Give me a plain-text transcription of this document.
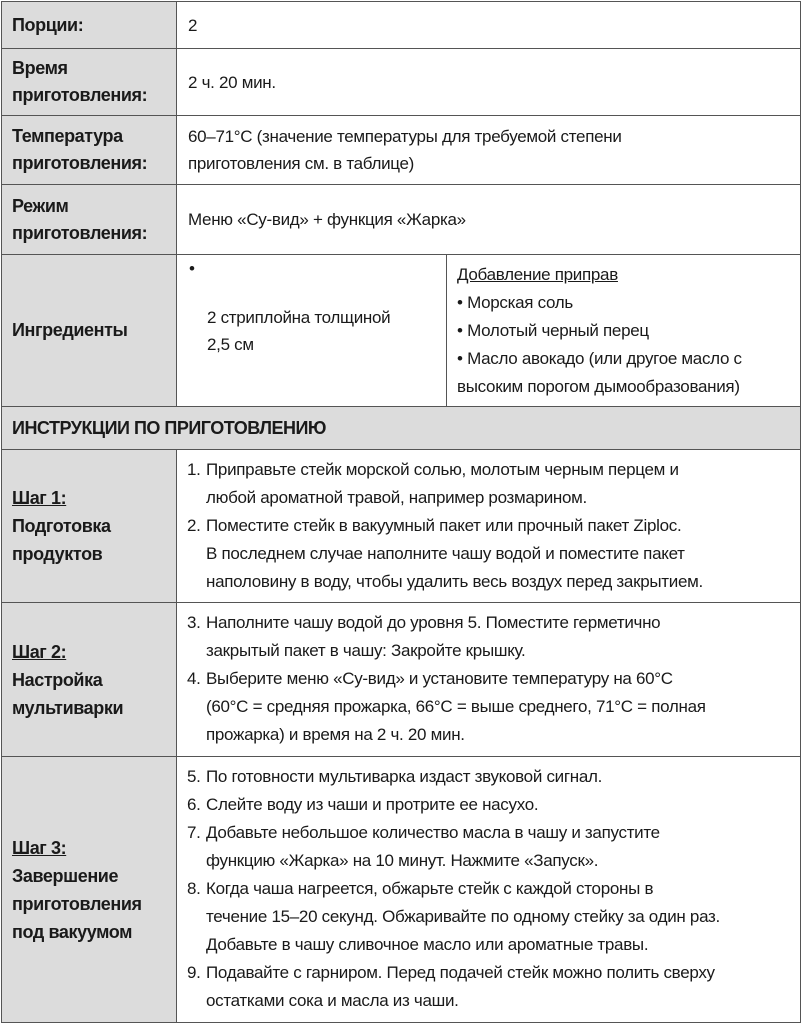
Порции:	2
Время
приготовления:
2 ч. 20 мин.
Температура
приготовления:
60–71°C (значение температуры для требуемой степени
приготовления см. в таблице)
Режим
приготовления:
Меню «Су-вид» + функция «Жарка»
Ингредиенты
•
2 стриплойна толщиной
2,5 см
Добавление приправ
• Морская соль
• Молотый черный перец
• Масло авокадо (или другое масло с
высоким порогом дымообразования)
ИНСТРУКЦИИ ПО ПРИГОТОВЛЕНИЮ
Шаг 1:
Подготовка
продуктов
1. Приправьте стейк морской солью, молотым черным перцем и
любой ароматной травой, например розмарином.
2. Поместите стейк в вакуумный пакет или прочный пакет Ziploc.
В последнем случае наполните чашу водой и поместите пакет
наполовину в воду, чтобы удалить весь воздух перед закрытием.
Шаг 2:
Настройка
мультиварки
3. Наполните чашу водой до уровня 5. Поместите герметично
закрытый пакет в чашу: Закройте крышку.
4. Выберите меню «Су-вид» и установите температуру на 60°C
(60°C = средняя прожарка, 66°C = выше среднего, 71°C = полная
прожарка) и время на 2 ч. 20 мин.
Шаг 3:
Завершение
приготовления
под вакуумом
5. По готовности мультиварка издаст звуковой сигнал.
6. Слейте воду из чаши и протрите ее насухо.
7. Добавьте небольшое количество масла в чашу и запустите
функцию «Жарка» на 10 минут. Нажмите «Запуск».
8. Когда чаша нагреется, обжарьте стейк с каждой стороны в
течение 15–20 секунд. Обжаривайте по одному стейку за один раз.
Добавьте в чашу сливочное масло или ароматные травы.
9. Подавайте с гарниром. Перед подачей стейк можно полить сверху
остатками сока и масла из чаши.
